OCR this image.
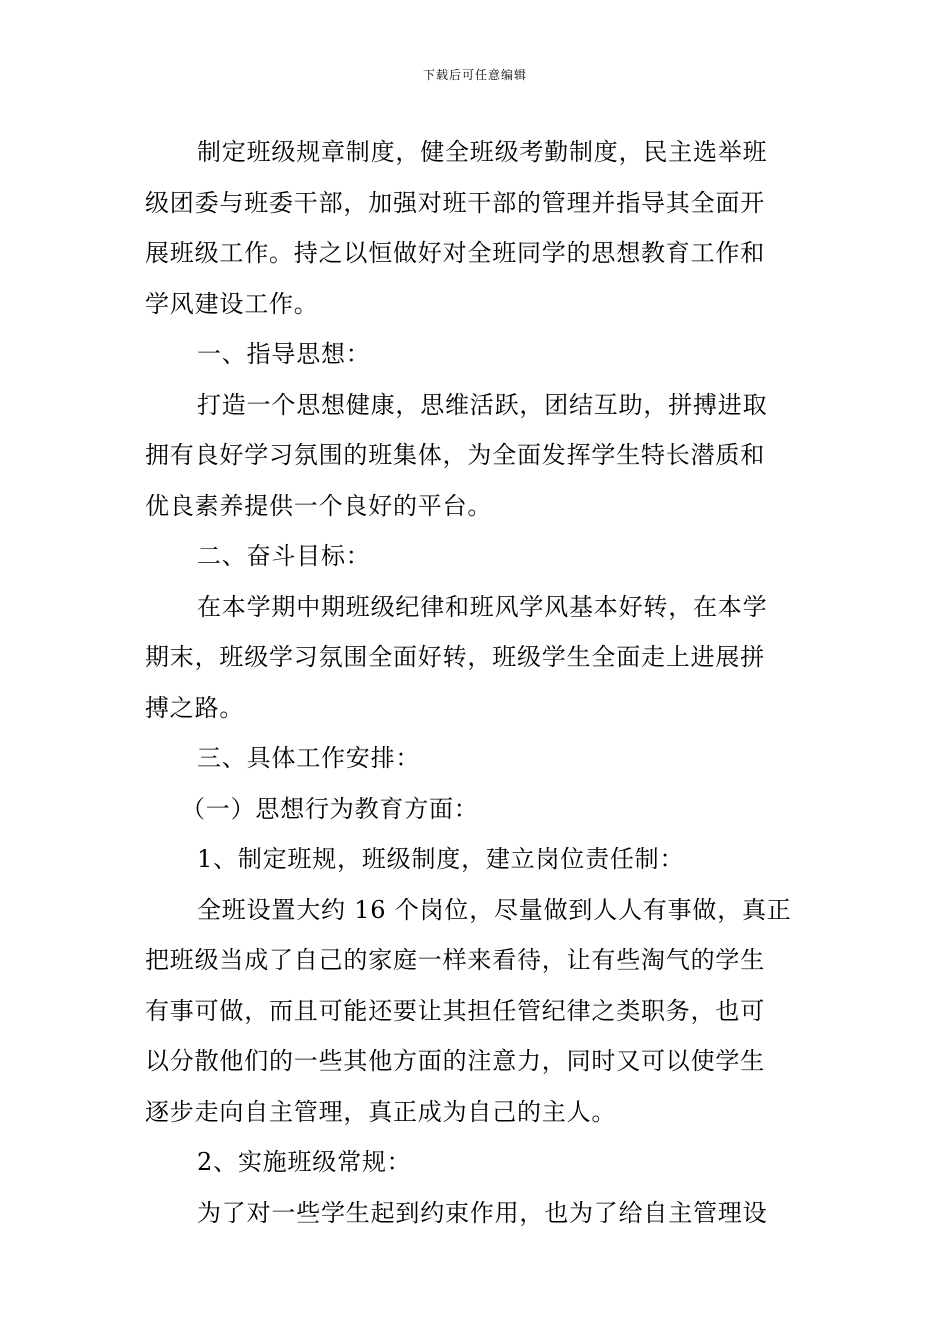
下载后可任意编辑

制定班级规章制度，健全班级考勤制度，民主选举班

级团委与班委干部，加强对班干部的管理并指导其全面开

展班级工作。持之以恒做好对全班同学的思想教育工作和

学风建设工作。

一、指导思想：

打造一个思想健康，思维活跃，团结互助，拼搏进取

拥有良好学习氛围的班集体，为全面发挥学生特长潜质和

优良素养提供一个良好的平台。

二、奋斗目标：

在本学期中期班级纪律和班风学风基本好转，在本学

期末，班级学习氛围全面好转，班级学生全面走上进展拼

搏之路。

三、具体工作安排：

（一）思想行为教育方面：

1、制定班规，班级制度，建立岗位责任制：

全班设置大约 16 个岗位，尽量做到人人有事做，真正

把班级当成了自己的家庭一样来看待，让有些淘气的学生

有事可做，而且可能还要让其担任管纪律之类职务，也可

以分散他们的一些其他方面的注意力，同时又可以使学生

逐步走向自主管理，真正成为自己的主人。

2、实施班级常规：

为了对一些学生起到约束作用，也为了给自主管理设
